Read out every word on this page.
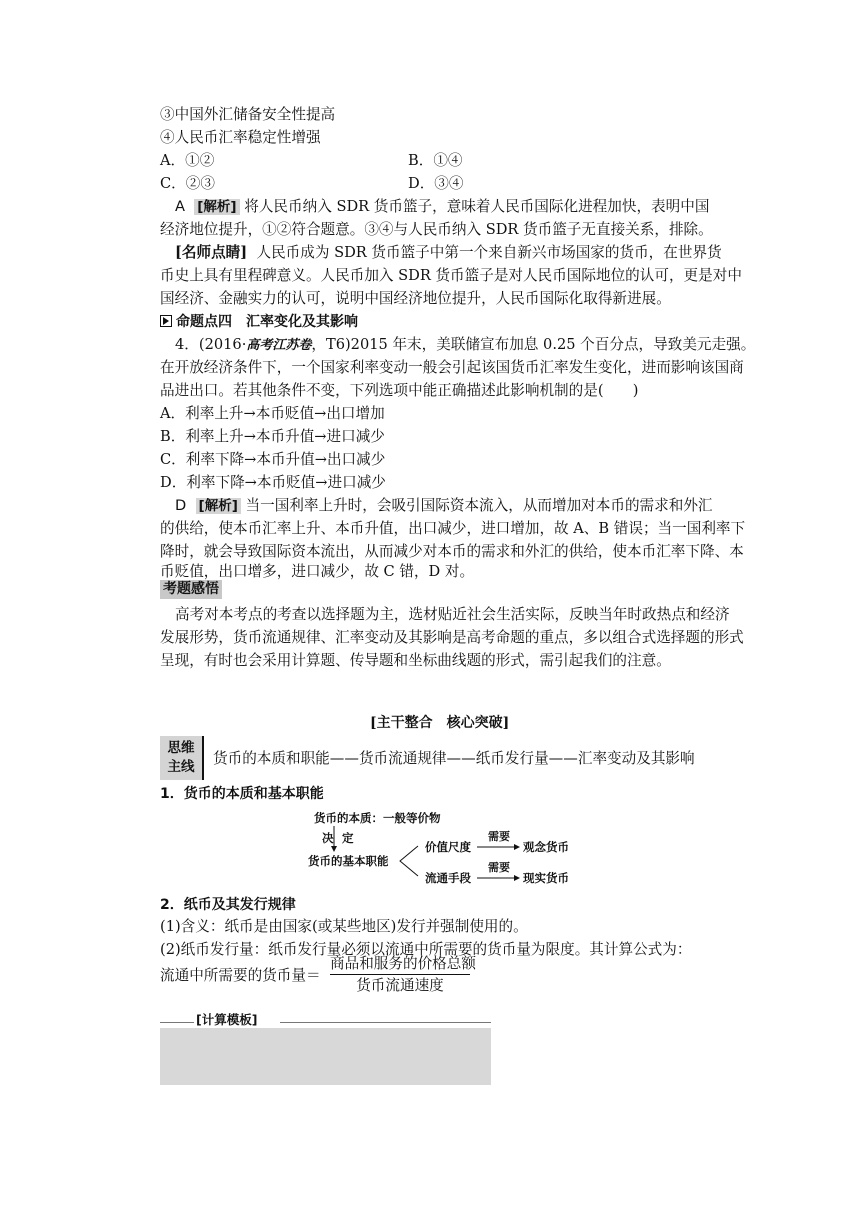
③中国外汇储备安全性提高
④人民币汇率稳定性增强
A．①②	B．①④
C．②③	D．③④
A [解析] 将人民币纳入 SDR 货币篮子，意味着人民币国际化进程加快，表明中国
经济地位提升，①②符合题意。③④与人民币纳入 SDR 货币篮子无直接关系，排除。
[名师点睛] 人民币成为 SDR 货币篮子中第一个来自新兴市场国家的货币，在世界货
币史上具有里程碑意义。人民币加入 SDR 货币篮子是对人民币国际地位的认可，更是对中
国经济、金融实力的认可，说明中国经济地位提升，人民币国际化取得新进展。
命题点四　汇率变化及其影响
4．(2016·高考江苏卷，T6)2015 年末，美联储宣布加息 0.25 个百分点，导致美元走强。
在开放经济条件下，一个国家利率变动一般会引起该国货币汇率发生变化，进而影响该国商
品进出口。若其他条件不变，下列选项中能正确描述此影响机制的是(　　)
A．利率上升→本币贬值→出口增加
B．利率上升→本币升值→进口减少
C．利率下降→本币升值→出口减少
D．利率下降→本币贬值→进口减少
D [解析] 当一国利率上升时，会吸引国际资本流入，从而增加对本币的需求和外汇
的供给，使本币汇率上升、本币升值，出口减少，进口增加，故 A、B 错误；当一国利率下
降时，就会导致国际资本流出，从而减少对本币的需求和外汇的供给，使本币汇率下降、本
币贬值，出口增多，进口减少，故 C 错，D 对。
考题感悟
高考对本考点的考查以选择题为主，选材贴近社会生活实际，反映当年时政热点和经济
发展形势，货币流通规律、汇率变动及其影响是高考命题的重点，多以组合式选择题的形式
呈现，有时也会采用计算题、传导题和坐标曲线题的形式，需引起我们的注意。
[主干整合　核心突破]
思维
主线	货币的本质和职能——货币流通规律——纸币发行量——汇率变动及其影响
1．货币的本质和基本职能
货币的本质：一般等价物
决 定
货币的基本职能
价值尺度
需要
观念货币
流通手段
需要
现实货币
2．纸币及其发行规律
(1)含义：纸币是由国家(或某些地区)发行并强制使用的。
(2)纸币发行量：纸币发行量必须以流通中所需要的货币量为限度。其计算公式为：
流通中所需要的货币量＝
商品和服务的价格总额
货币流通速度
[计算模板]
